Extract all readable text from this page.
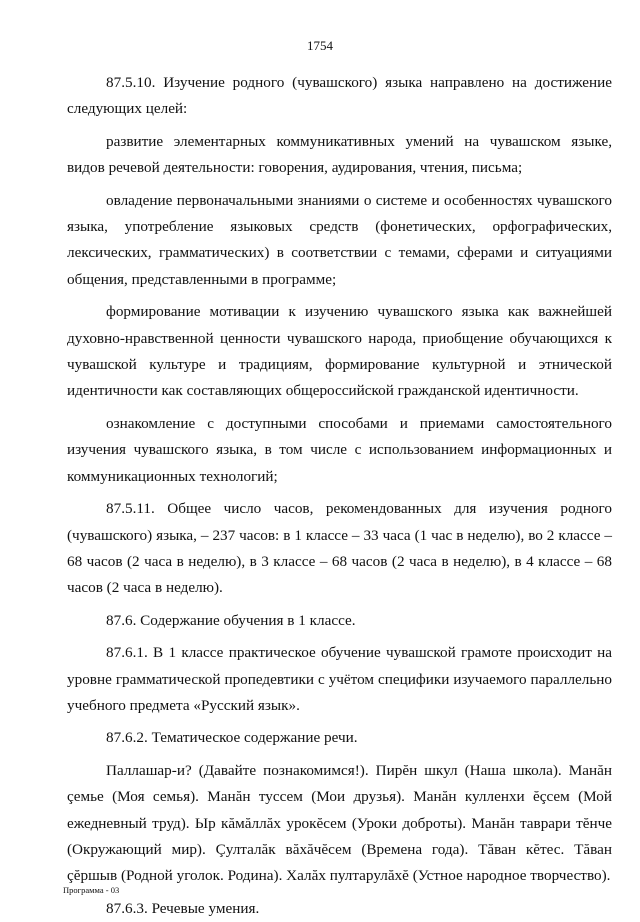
1754

87.5.10. Изучение родного (чувашского) языка направлено на достижение следующих целей:

развитие элементарных коммуникативных умений на чувашском языке, видов речевой деятельности: говорения, аудирования, чтения, письма;

овладение первоначальными знаниями о системе и особенностях чувашского языка, употребление языковых средств (фонетических, орфографических, лексических, грамматических) в соответствии с темами, сферами и ситуациями общения, представленными в программе;

формирование мотивации к изучению чувашского языка как важнейшей духовно-нравственной ценности чувашского народа, приобщение обучающихся к чувашской культуре и традициям, формирование культурной и этнической идентичности как составляющих общероссийской гражданской идентичности.

ознакомление с доступными способами и приемами самостоятельного изучения чувашского языка, в том числе с использованием информационных и коммуникационных технологий;

87.5.11. Общее число часов, рекомендованных для изучения родного (чувашского) языка, – 237 часов: в 1 классе – 33 часа (1 час в неделю), во 2 классе – 68 часов (2 часа в неделю), в 3 классе – 68 часов (2 часа в неделю), в 4 классе – 68 часов (2 часа в неделю).

87.6. Содержание обучения в 1 классе.

87.6.1. В 1 классе практическое обучение чувашской грамоте происходит на уровне грамматической пропедевтики с учётом специфики изучаемого параллельно учебного предмета «Русский язык».

87.6.2. Тематическое содержание речи.

Паллашар-и? (Давайте познакомимся!). Пирĕн шкул (Наша школа). Манăн çемье (Моя семья). Манăн туссем (Мои друзья). Манăн кулленхи ĕçсем (Мой ежедневный труд). Ыр кăмăллăх урокĕсем (Уроки доброты). Манăн таврари тĕнче (Окружающий мир). Çулталăк вăхăчĕсем (Времена года). Тăван кĕтес. Тăван çĕршыв (Родной уголок. Родина). Халăх пултарулăхĕ (Устное народное творчество).

87.6.3. Речевые умения.

Программа - 03
